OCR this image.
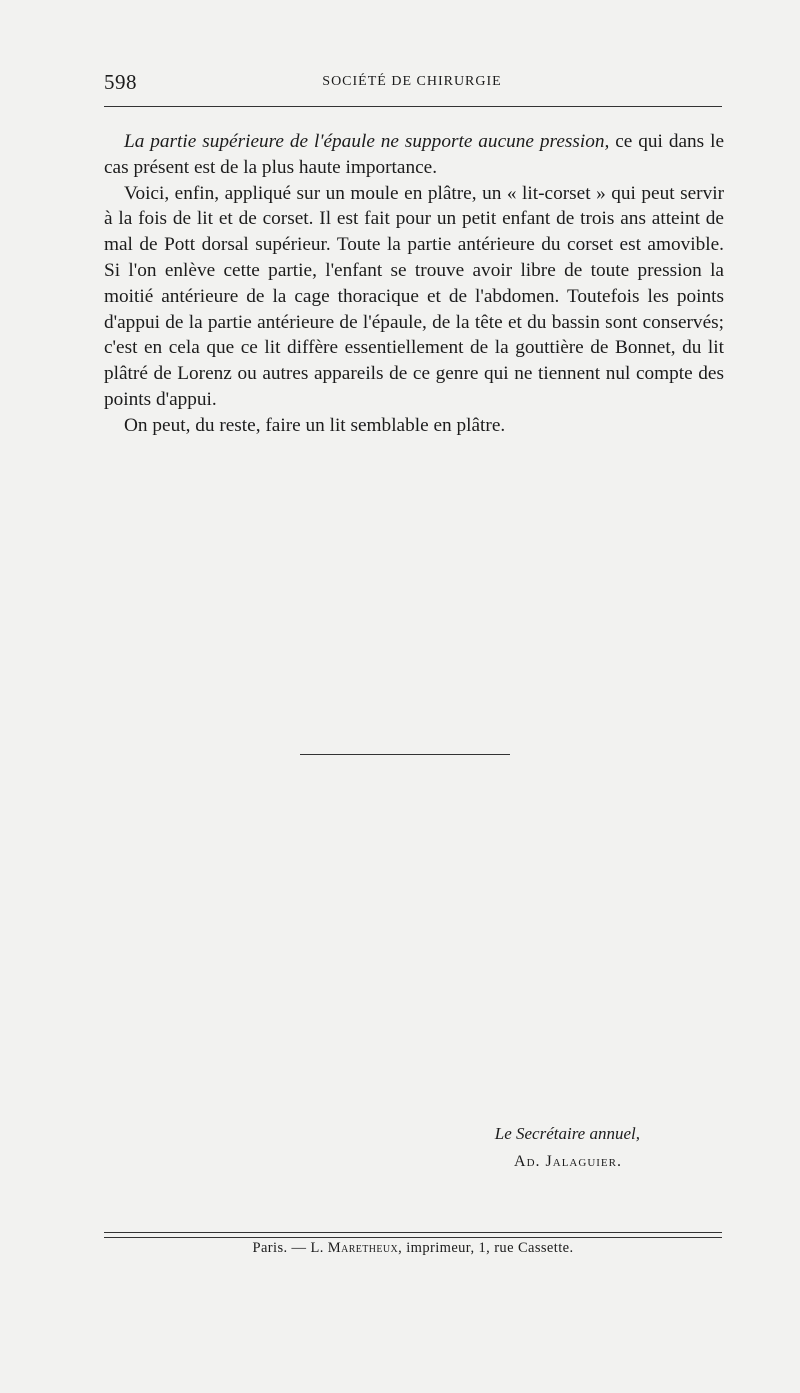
598	SOCIÉTÉ DE CHIRURGIE

La partie supérieure de l'épaule ne supporte aucune pression, ce qui dans le cas présent est de la plus haute importance.

Voici, enfin, appliqué sur un moule en plâtre, un « lit-corset » qui peut servir à la fois de lit et de corset. Il est fait pour un petit enfant de trois ans atteint de mal de Pott dorsal supérieur. Toute la partie antérieure du corset est amovible. Si l'on enlève cette partie, l'enfant se trouve avoir libre de toute pression la moitié antérieure de la cage thoracique et de l'abdomen. Toutefois les points d'appui de la partie antérieure de l'épaule, de la tête et du bassin sont conservés; c'est en cela que ce lit diffère essentiellement de la gouttière de Bonnet, du lit plâtré de Lorenz ou autres appareils de ce genre qui ne tiennent nul compte des points d'appui.

On peut, du reste, faire un lit semblable en plâtre.

Le Secrétaire annuel,
Ad. Jalaguier.
Paris. — L. Maretheux, imprimeur, 1, rue Cassette.
